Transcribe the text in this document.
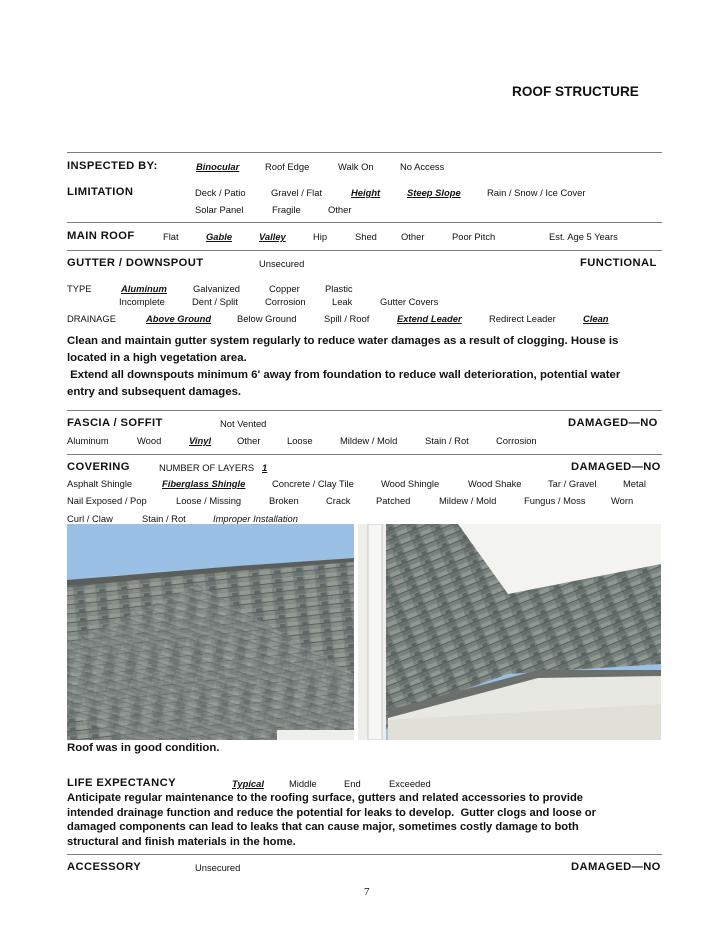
ROOF STRUCTURE
INSPECTED BY:	Binocular	Roof Edge	Walk On	No Access
LIMITATION	Deck / Patio	Gravel / Flat	Height	Steep Slope	Rain / Snow / Ice Cover
Solar Panel	Fragile	Other
MAIN ROOF	Flat	Gable	Valley	Hip	Shed	Other	Poor Pitch	Est. Age 5 Years
GUTTER / DOWNSPOUT	Unsecured	FUNCTIONAL
TYPE	Aluminum	Galvanized	Copper	Plastic
Incomplete	Dent / Split	Corrosion	Leak	Gutter Covers
DRAINAGE	Above Ground	Below Ground	Spill / Roof	Extend Leader	Redirect Leader	Clean
Clean and maintain gutter system regularly to reduce water damages as a result of clogging. House is
located in a high vegetation area.
Extend all downspouts minimum 6' away from foundation to reduce wall deterioration, potential water
entry and subsequent damages.
FASCIA / SOFFIT	Not Vented	DAMAGED—NO
Aluminum	Wood	Vinyl	Other	Loose	Mildew / Mold	Stain / Rot	Corrosion
COVERING	NUMBER OF LAYERS 1	DAMAGED—NO
Asphalt Shingle	Fiberglass Shingle	Concrete / Clay Tile	Wood Shingle	Wood Shake	Tar / Gravel	Metal
Nail Exposed / Pop	Loose / Missing	Broken	Crack	Patched	Mildew / Mold	Fungus / Moss	Worn
Curl / Claw	Stain / Rot	Improper Installation
Roof was in good condition.
LIFE EXPECTANCY	Typical	Middle	End	Exceeded
Anticipate regular maintenance to the roofing surface, gutters and related accessories to provide
intended drainage function and reduce the potential for leaks to develop.  Gutter clogs and loose or
damaged components can lead to leaks that can cause major, sometimes costly damage to both
structural and finish materials in the home.
ACCESSORY	Unsecured	DAMAGED—NO
7
